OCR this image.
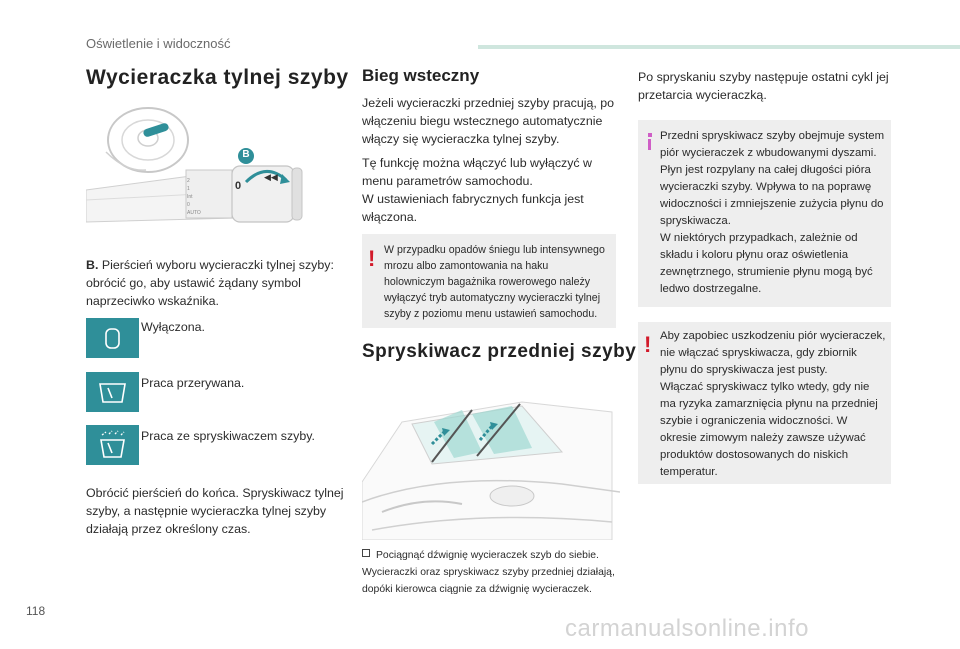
Oświetlenie i widoczność
Wycieraczka tylnej szyby
◀◀
B
0
2
1
Int
0
AUTO
B. Pierścień wyboru wycieraczki tylnej szyby:
obrócić go, aby ustawić żądany symbol
naprzeciwko wskaźnika.
Wyłączona.
Praca przerywana.
Praca ze spryskiwaczem szyby.
Obrócić pierścień do końca. Spryskiwacz tylnej
szyby, a następnie wycieraczka tylnej szyby
działają przez określony czas.
Bieg wsteczny
Jeżeli wycieraczki przedniej szyby pracują, po
włączeniu biegu wstecznego automatycznie
włączy się wycieraczka tylnej szyby.
Tę funkcję można włączyć lub wyłączyć w
menu parametrów samochodu.
W ustawieniach fabrycznych funkcja jest
włączona.
! W przypadku opadów śniegu lub intensywnego
mrozu albo zamontowania na haku
holowniczym bagażnika rowerowego należy
wyłączyć tryb automatyczny wycieraczki tylnej
szyby z poziomu menu ustawień samochodu.
Spryskiwacz przedniej szyby
Pociągnąć dźwignię wycieraczek szyb do siebie.
Wycieraczki oraz spryskiwacz szyby przedniej działają,
dopóki kierowca ciągnie za dźwignię wycieraczek.
Po spryskaniu szyby następuje ostatni cykl jej
przetarcia wycieraczką.
Przedni spryskiwacz szyby obejmuje system
piór wycieraczek z wbudowanymi dyszami.
Płyn jest rozpylany na całej długości pióra
wycieraczki szyby. Wpływa to na poprawę
widoczności i zmniejszenie zużycia płynu do
spryskiwacza.
W niektórych przypadkach, zależnie od
składu i koloru płynu oraz oświetlenia
zewnętrznego, strumienie płynu mogą być
ledwo dostrzegalne.
! Aby zapobiec uszkodzeniu piór wycieraczek,
nie włączać spryskiwacza, gdy zbiornik
płynu do spryskiwacza jest pusty.
Włączać spryskiwacz tylko wtedy, gdy nie
ma ryzyka zamarznięcia płynu na przedniej
szybie i ograniczenia widoczności. W
okresie zimowym należy zawsze używać
produktów dostosowanych do niskich
temperatur.
118
carmanualsonline.info
